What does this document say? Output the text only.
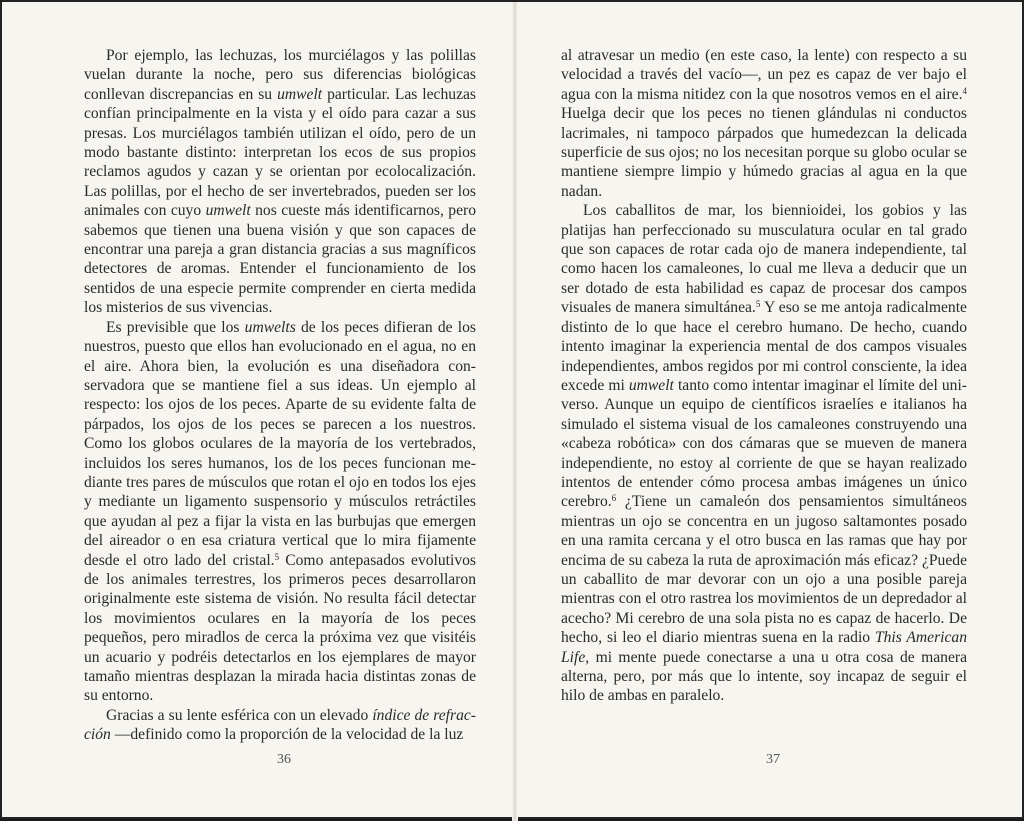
Por ejemplo, las lechuzas, los murciélagos y las polillas vuelan durante la noche, pero sus diferencias biológicas conllevan discrepancias en su umwelt particular. Las lechuzas confían principalmente en la vista y el oído para cazar a sus presas. Los murciélagos también utilizan el oído, pero de un modo bastante distinto: interpretan los ecos de sus propios reclamos agudos y cazan y se orientan por ecolocalización. Las polillas, por el hecho de ser invertebrados, pueden ser los animales con cuyo umwelt nos cueste más identificarnos, pero sabemos que tienen una buena visión y que son capaces de encontrar una pareja a gran distancia gracias a sus magníficos detectores de aromas. Entender el funcionamiento de los sentidos de una especie permite comprender en cierta medida los misterios de sus vivencias.

Es previsible que los umwelts de los peces difieran de los nuestros, puesto que ellos han evolucionado en el agua, no en el aire. Ahora bien, la evolución es una diseñadora conservadora que se mantiene fiel a sus ideas. Un ejemplo al respecto: los ojos de los peces. Aparte de su evidente falta de párpados, los ojos de los peces se parecen a los nuestros. Como los globos oculares de la mayoría de los vertebrados, incluidos los seres humanos, los de los peces funcionan mediante tres pares de músculos que rotan el ojo en todos los ejes y mediante un ligamento suspensorio y músculos retráctiles que ayudan al pez a fijar la vista en las burbujas que emergen del aireador o en esa criatura vertical que lo mira fijamente desde el otro lado del cristal.$^5$ Como antepasados evolutivos de los animales terrestres, los primeros peces desarrollaron originalmente este sistema de visión. No resulta fácil detectar los movimientos oculares en la mayoría de los peces pequeños, pero miradlos de cerca la próxima vez que visitéis un acuario y podréis detectarlos en los ejemplares de mayor tamaño mientras desplazan la mirada hacia distintas zonas de su entorno.

Gracias a su lente esférica con un elevado índice de refracción —definido como la proporción de la velocidad de la luz

36

al atravesar un medio (en este caso, la lente) con respecto a su velocidad a través del vacío—, un pez es capaz de ver bajo el agua con la misma nitidez con la que nosotros vemos en el aire.$^4$ Huelga decir que los peces no tienen glándulas ni conductos lacrimales, ni tampoco párpados que humedezcan la delicada superficie de sus ojos; no los necesitan porque su globo ocular se mantiene siempre limpio y húmedo gracias al agua en la que nadan.

Los caballitos de mar, los biennioidei, los gobios y las platijas han perfeccionado su musculatura ocular en tal grado que son capaces de rotar cada ojo de manera independiente, tal como hacen los camaleones, lo cual me lleva a deducir que un ser dotado de esta habilidad es capaz de procesar dos campos visuales de manera simultánea.$^5$ Y eso se me antoja radicalmente distinto de lo que hace el cerebro humano. De hecho, cuando intento imaginar la experiencia mental de dos campos visuales independientes, ambos regidos por mi control consciente, la idea excede mi umwelt tanto como intentar imaginar el límite del universo. Aunque un equipo de científicos israelíes e italianos ha simulado el sistema visual de los camaleones construyendo una «cabeza robótica» con dos cámaras que se mueven de manera independiente, no estoy al corriente de que se hayan realizado intentos de entender cómo procesa ambas imágenes un único cerebro.$^6$ ¿Tiene un camaleón dos pensamientos simultáneos mientras un ojo se concentra en un jugoso saltamontes posado en una ramita cercana y el otro busca en las ramas que hay por encima de su cabeza la ruta de aproximación más eficaz? ¿Puede un caballito de mar devorar con un ojo a una posible pareja mientras con el otro rastrea los movimientos de un depredador al acecho? Mi cerebro de una sola pista no es capaz de hacerlo. De hecho, si leo el diario mientras suena en la radio This American Life, mi mente puede conectarse a una u otra cosa de manera alterna, pero, por más que lo intente, soy incapaz de seguir el hilo de ambas en paralelo.

37
